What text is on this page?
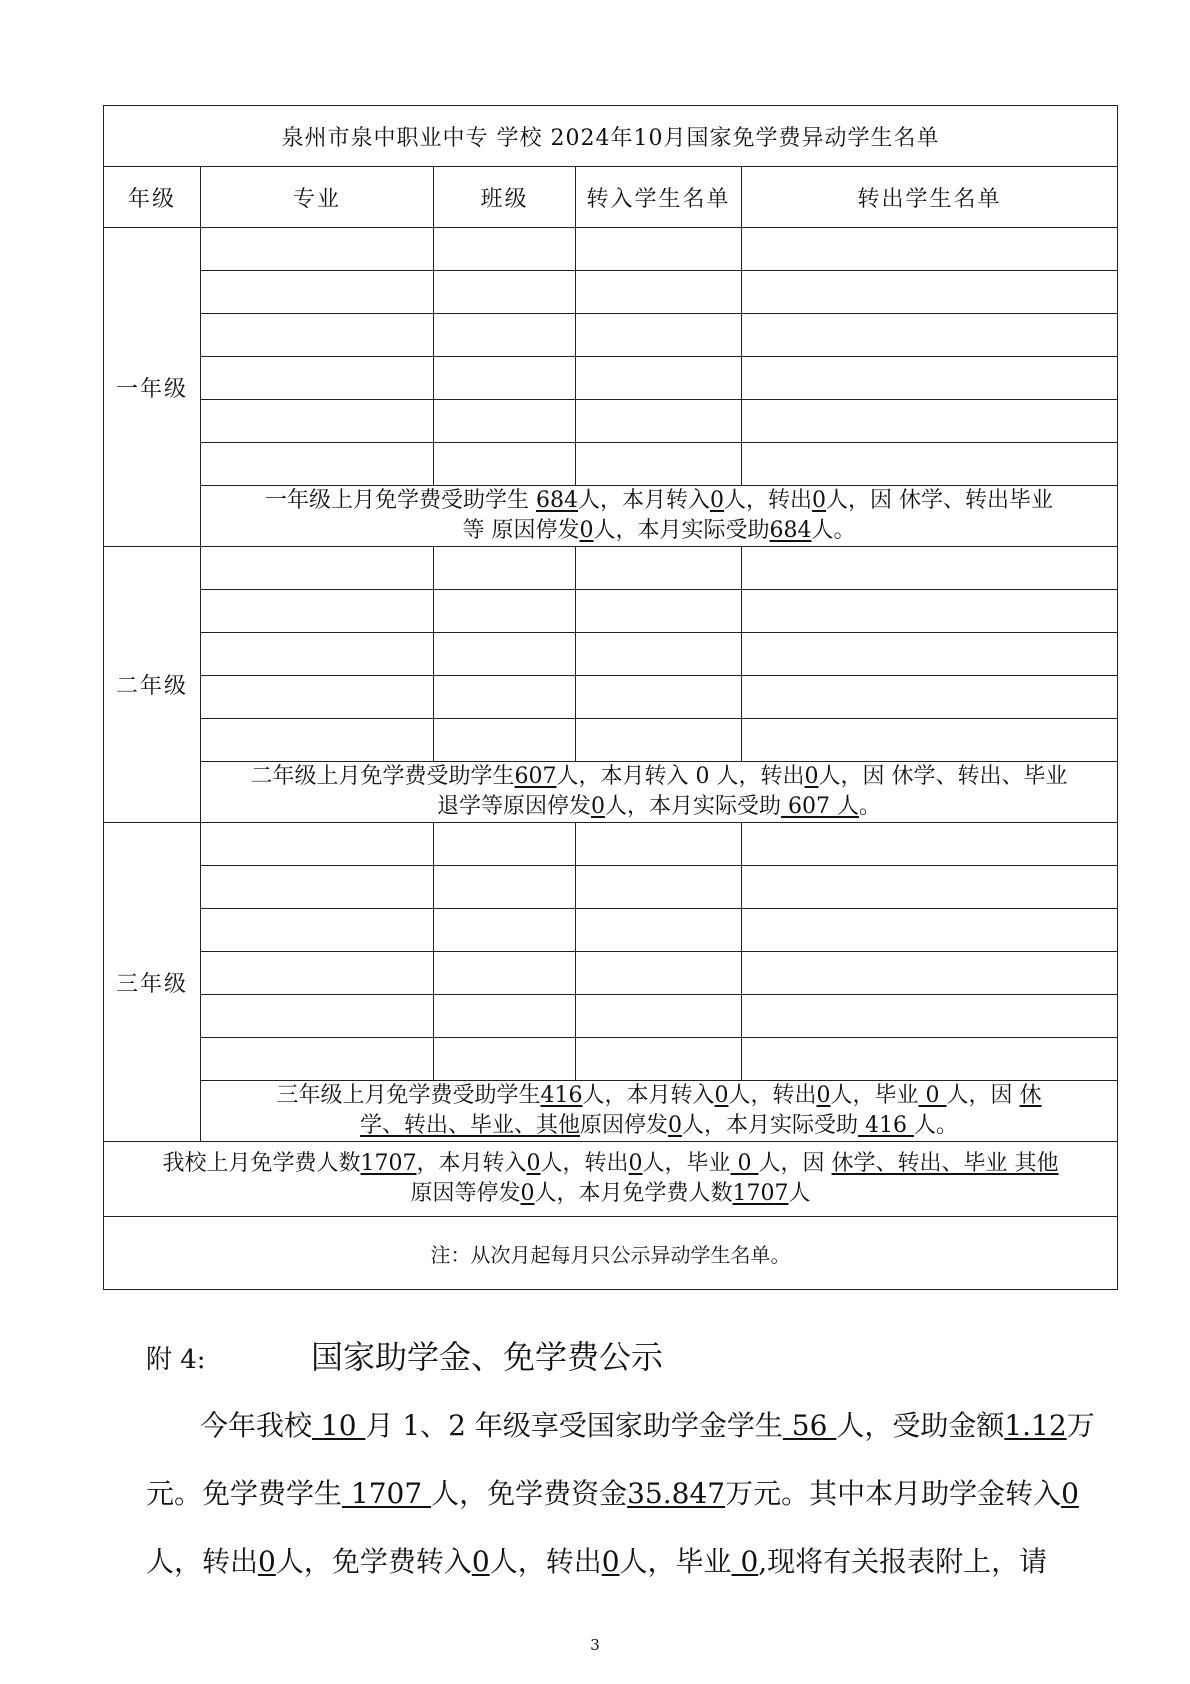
泉州市泉中职业中专 学校 2024年10月国家免学费异动学生名单				
年级	专业	班级	转入学生名单	转出学生名单
一年级				

	一年级上月免学费受助学生 684人，本月转入0人，转出0人，因 休学、转出毕业
等 原因停发0人，本月实际受助684人。			
二年级				

	二年级上月免学费受助学生607人，本月转入 0 人，转出0人，因 休学、转出、毕业
退学等原因停发0人，本月实际受助 607 人。			
三年级				

	三年级上月免学费受助学生416人，本月转入0人，转出0人，毕业 0 人，因 休
学、转出、毕业、其他原因停发0人，本月实际受助 416 人。			
我校上月免学费人数1707，本月转入0人，转出0人，毕业 0 人，因 休学、转出、毕业 其他
原因等停发0人，本月免学费人数1707人				
注：从次月起每月只公示异动学生名单。				
附 4:	国家助学金、免学费公示
今年我校 10 月 1、2 年级享受国家助学金学生 56 人，受助金额1.12万
元。免学费学生 1707 人，免学费资金35.847万元。其中本月助学金转入0
人，转出0人，免学费转入0人，转出0人，毕业 0,现将有关报表附上，请
3
